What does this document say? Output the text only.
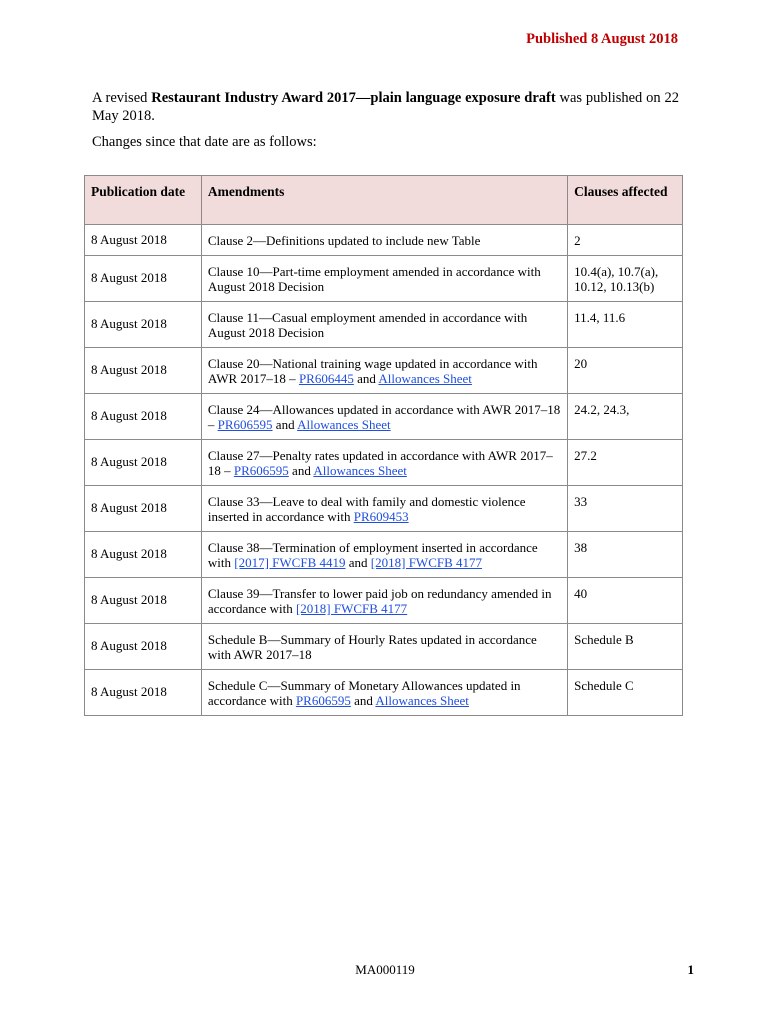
Published 8 August 2018

A revised Restaurant Industry Award 2017—plain language exposure draft was published on 22 May 2018.

Changes since that date are as follows:

Publication date	Amendments	Clauses affected
8 August 2018	Clause 2—Definitions updated to include new Table	2
8 August 2018	Clause 10—Part-time employment amended in accordance with August 2018 Decision	10.4(a), 10.7(a), 10.12, 10.13(b)
8 August 2018	Clause 11—Casual employment amended in accordance with August 2018 Decision	11.4, 11.6
8 August 2018	Clause 20—National training wage updated in accordance with AWR 2017–18 – PR606445 and Allowances Sheet	20
8 August 2018	Clause 24—Allowances updated in accordance with AWR 2017–18 – PR606595 and Allowances Sheet	24.2, 24.3,
8 August 2018	Clause 27—Penalty rates updated in accordance with AWR 2017–18 – PR606595 and Allowances Sheet	27.2
8 August 2018	Clause 33—Leave to deal with family and domestic violence inserted in accordance with PR609453	33
8 August 2018	Clause 38—Termination of employment inserted in accordance with [2017] FWCFB 4419 and [2018] FWCFB 4177	38
8 August 2018	Clause 39—Transfer to lower paid job on redundancy amended in accordance with [2018] FWCFB 4177	40
8 August 2018	Schedule B—Summary of Hourly Rates updated in accordance with AWR 2017–18	Schedule B
8 August 2018	Schedule C—Summary of Monetary Allowances updated in accordance with PR606595 and Allowances Sheet	Schedule C
MA000119	1
